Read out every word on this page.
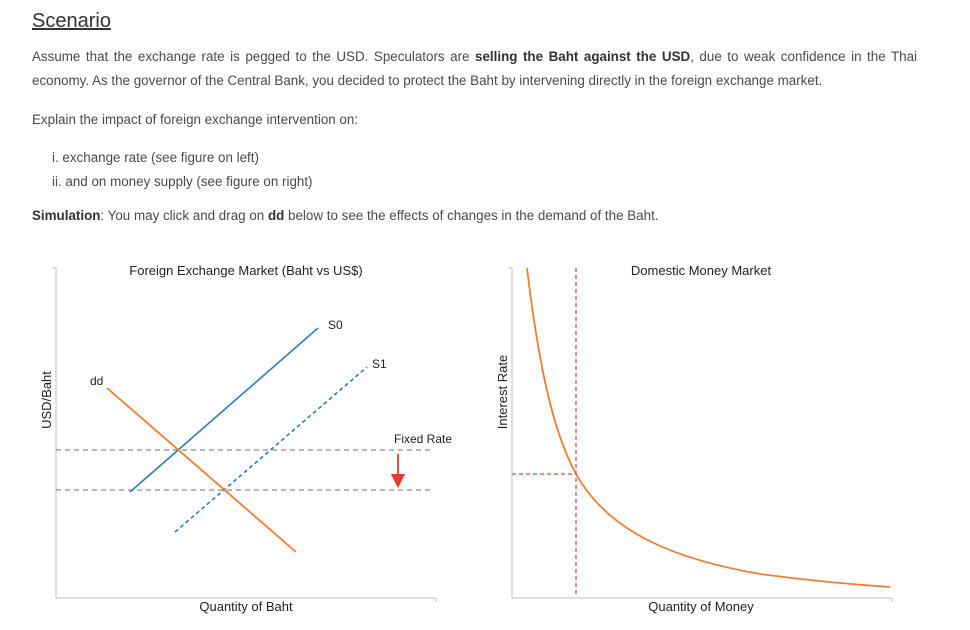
Scenario

Assume that the exchange rate is pegged to the USD. Speculators are selling the Baht against the USD, due to weak confidence in the Thai economy. As the governor of the Central Bank, you decided to protect the Baht by intervening directly in the foreign exchange market.

Explain the impact of foreign exchange intervention on:

i. exchange rate (see figure on left)
ii. and on money supply (see figure on right)

Simulation: You may click and drag on dd below to see the effects of changes in the demand of the Baht.

Foreign Exchange Market (Baht vs US$)
Quantity of Baht
USD/Baht
S0
S1
dd
Fixed Rate
Domestic Money Market
Quantity of Money
Interest Rate
